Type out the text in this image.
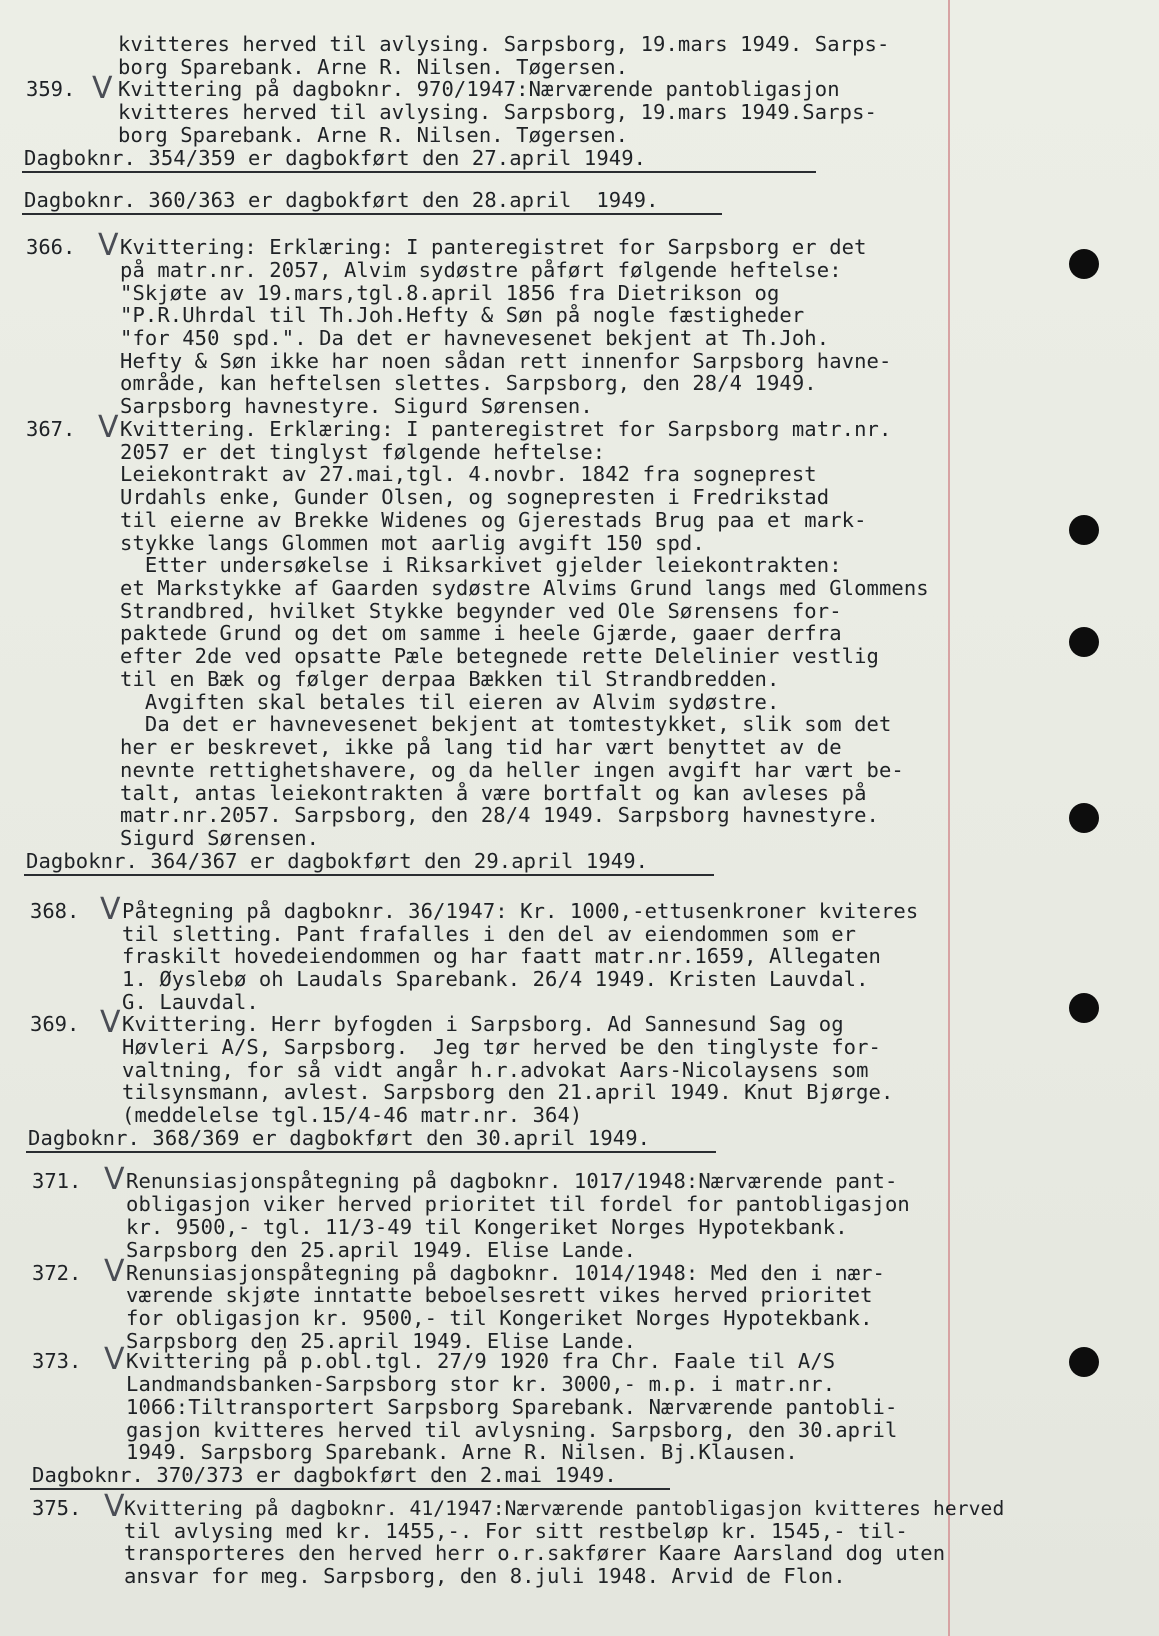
359.
366.
367.
368.
369.
371.
372.
373.
375.
V
V
V
V
V
V
V
V
V
kvitteres herved til avlysing. Sarpsborg, 19.mars 1949. Sarps-
borg Sparebank. Arne R. Nilsen. Tøgersen.
Kvittering på dagboknr. 970/1947:Nærværende pantobligasjon
kvitteres herved til avlysing. Sarpsborg, 19.mars 1949.Sarps-
borg Sparebank. Arne R. Nilsen. Tøgersen.
Dagboknr. 354/359 er dagbokført den 27.april 1949.
Dagboknr. 360/363 er dagbokført den 28.april  1949.
Kvittering: Erklæring: I panteregistret for Sarpsborg er det
på matr.nr. 2057, Alvim sydøstre påført følgende heftelse:
"Skjøte av 19.mars,tgl.8.april 1856 fra Dietrikson og
"P.R.Uhrdal til Th.Joh.Hefty & Søn på nogle fæstigheder
"for 450 spd.". Da det er havnevesenet bekjent at Th.Joh.
Hefty & Søn ikke har noen sådan rett innenfor Sarpsborg havne-
område, kan heftelsen slettes. Sarpsborg, den 28/4 1949.
Sarpsborg havnestyre. Sigurd Sørensen.
Kvittering. Erklæring: I panteregistret for Sarpsborg matr.nr.
2057 er det tinglyst følgende heftelse:
Leiekontrakt av 27.mai,tgl. 4.novbr. 1842 fra sogneprest
Urdahls enke, Gunder Olsen, og sognepresten i Fredrikstad
til eierne av Brekke Widenes og Gjerestads Brug paa et mark-
stykke langs Glommen mot aarlig avgift 150 spd.
Etter undersøkelse i Riksarkivet gjelder leiekontrakten:
et Markstykke af Gaarden sydøstre Alvims Grund langs med Glommens
Strandbred, hvilket Stykke begynder ved Ole Sørensens for-
paktede Grund og det om samme i heele Gjærde, gaaer derfra
efter 2de ved opsatte Pæle betegnede rette Delelinier vestlig
til en Bæk og følger derpaa Bækken til Strandbredden.
Avgiften skal betales til eieren av Alvim sydøstre.
Da det er havnevesenet bekjent at tomtestykket, slik som det
her er beskrevet, ikke på lang tid har vært benyttet av de
nevnte rettighetshavere, og da heller ingen avgift har vært be-
talt, antas leiekontrakten å være bortfalt og kan avleses på
matr.nr.2057. Sarpsborg, den 28/4 1949. Sarpsborg havnestyre.
Sigurd Sørensen.
Dagboknr. 364/367 er dagbokført den 29.april 1949.
Påtegning på dagboknr. 36/1947: Kr. 1000,-ettusenkroner kviteres
til sletting. Pant frafalles i den del av eiendommen som er
fraskilt hovedeiendommen og har faatt matr.nr.1659, Allegaten
1. Øyslebø oh Laudals Sparebank. 26/4 1949. Kristen Lauvdal.
G. Lauvdal.
Kvittering. Herr byfogden i Sarpsborg. Ad Sannesund Sag og
Høvleri A/S, Sarpsborg.  Jeg tør herved be den tinglyste for-
valtning, for så vidt angår h.r.advokat Aars-Nicolaysens som
tilsynsmann, avlest. Sarpsborg den 21.april 1949. Knut Bjørge.
(meddelelse tgl.15/4-46 matr.nr. 364)
Dagboknr. 368/369 er dagbokført den 30.april 1949.
Renunsiasjonspåtegning på dagboknr. 1017/1948:Nærværende pant-
obligasjon viker herved prioritet til fordel for pantobligasjon
kr. 9500,- tgl. 11/3-49 til Kongeriket Norges Hypotekbank.
Sarpsborg den 25.april 1949. Elise Lande.
Renunsiasjonspåtegning på dagboknr. 1014/1948: Med den i nær-
værende skjøte inntatte beboelsesrett vikes herved prioritet
for obligasjon kr. 9500,- til Kongeriket Norges Hypotekbank.
Sarpsborg den 25.april 1949. Elise Lande.
Kvittering på p.obl.tgl. 27/9 1920 fra Chr. Faale til A/S
Landmandsbanken-Sarpsborg stor kr. 3000,- m.p. i matr.nr.
1066:Tiltransportert Sarpsborg Sparebank. Nærværende pantobli-
gasjon kvitteres herved til avlysning. Sarpsborg, den 30.april
1949. Sarpsborg Sparebank. Arne R. Nilsen. Bj.Klausen.
Dagboknr. 370/373 er dagbokført den 2.mai 1949.
Kvittering på dagboknr. 41/1947:Nærværende pantobligasjon kvitteres herved
til avlysing med kr. 1455,-. For sitt restbeløp kr. 1545,- til-
transporteres den herved herr o.r.sakfører Kaare Aarsland dog uten
ansvar for meg. Sarpsborg, den 8.juli 1948. Arvid de Flon.
